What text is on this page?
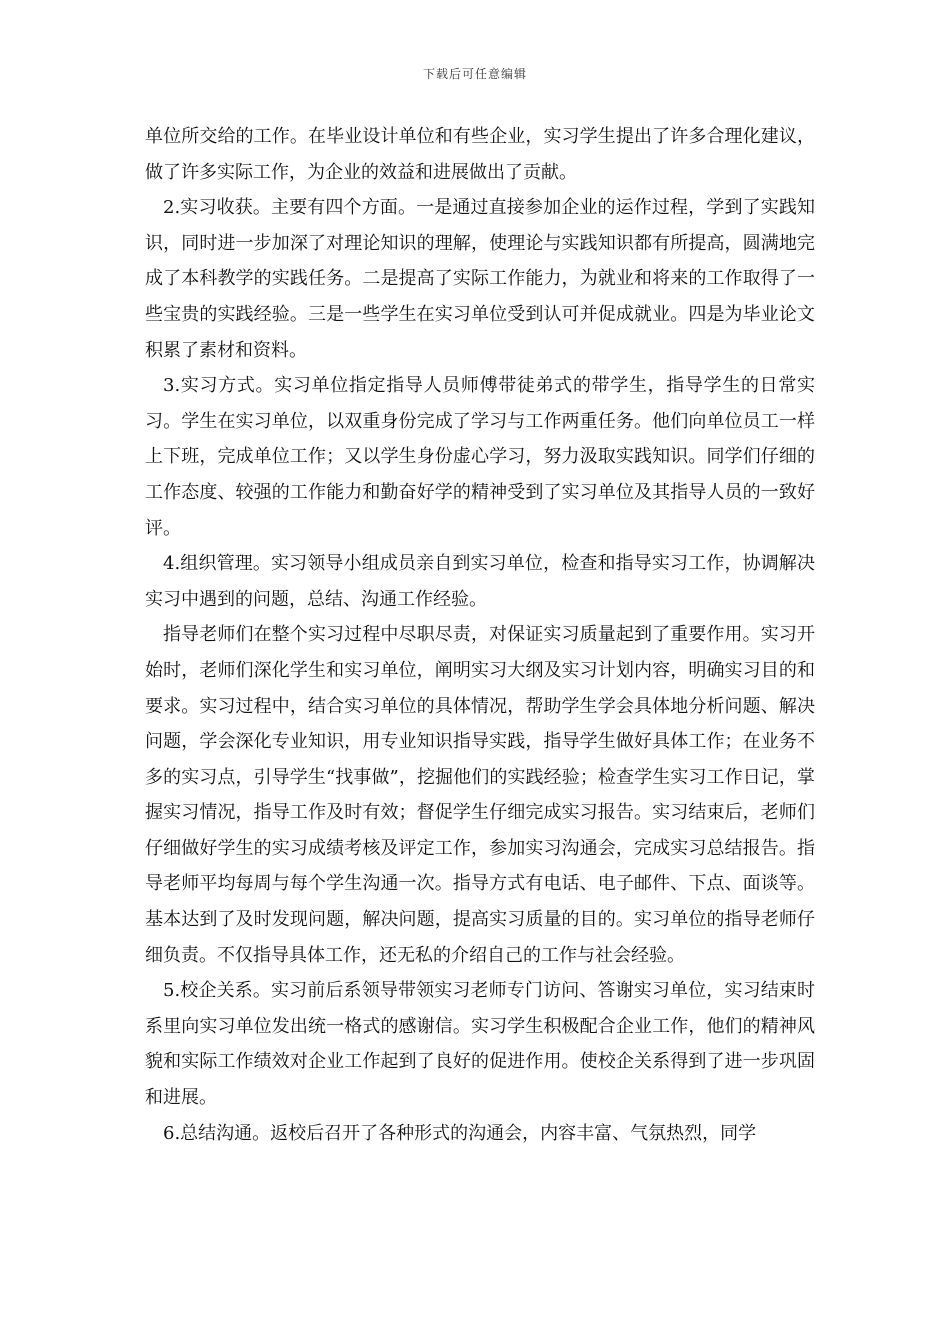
下载后可任意编辑

单位所交给的工作。在毕业设计单位和有些企业，实习学生提出了许多合理化建议，做了许多实际工作，为企业的效益和进展做出了贡献。

2.实习收获。主要有四个方面。一是通过直接参加企业的运作过程，学到了实践知识，同时进一步加深了对理论知识的理解，使理论与实践知识都有所提高，圆满地完成了本科教学的实践任务。二是提高了实际工作能力，为就业和将来的工作取得了一些宝贵的实践经验。三是一些学生在实习单位受到认可并促成就业。四是为毕业论文积累了素材和资料。

3.实习方式。实习单位指定指导人员师傅带徒弟式的带学生，指导学生的日常实习。学生在实习单位，以双重身份完成了学习与工作两重任务。他们向单位员工一样上下班，完成单位工作；又以学生身份虚心学习，努力汲取实践知识。同学们仔细的工作态度、较强的工作能力和勤奋好学的精神受到了实习单位及其指导人员的一致好评。

4.组织管理。实习领导小组成员亲自到实习单位，检查和指导实习工作，协调解决实习中遇到的问题，总结、沟通工作经验。

指导老师们在整个实习过程中尽职尽责，对保证实习质量起到了重要作用。实习开始时，老师们深化学生和实习单位，阐明实习大纲及实习计划内容，明确实习目的和要求。实习过程中，结合实习单位的具体情况，帮助学生学会具体地分析问题、解决问题，学会深化专业知识，用专业知识指导实践，指导学生做好具体工作；在业务不多的实习点，引导学生“找事做”，挖掘他们的实践经验；检查学生实习工作日记，掌握实习情况，指导工作及时有效；督促学生仔细完成实习报告。实习结束后，老师们仔细做好学生的实习成绩考核及评定工作，参加实习沟通会，完成实习总结报告。指导老师平均每周与每个学生沟通一次。指导方式有电话、电子邮件、下点、面谈等。基本达到了及时发现问题，解决问题，提高实习质量的目的。实习单位的指导老师仔细负责。不仅指导具体工作，还无私的介绍自己的工作与社会经验。

5.校企关系。实习前后系领导带领实习老师专门访问、答谢实习单位，实习结束时系里向实习单位发出统一格式的感谢信。实习学生积极配合企业工作，他们的精神风貌和实际工作绩效对企业工作起到了良好的促进作用。使校企关系得到了进一步巩固和进展。

6.总结沟通。返校后召开了各种形式的沟通会，内容丰富、气氛热烈，同学
